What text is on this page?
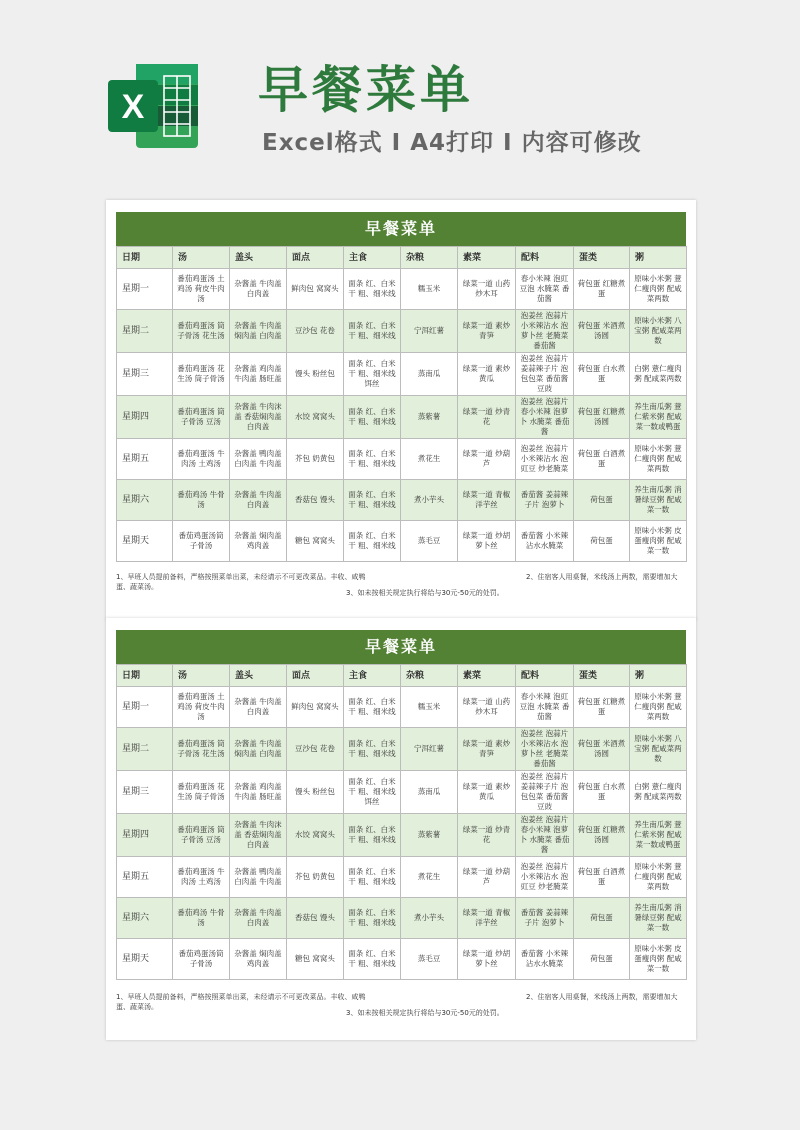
X 早餐菜单
Excel格式 I A4打印 I 内容可修改
早餐菜单
日期	汤	盖头	面点	主食	杂粮	素菜	配料	蛋类	粥
星期一	番茄鸡蛋汤 土鸡汤 荷皮牛肉汤	杂酱盖 牛肉盖 白肉盖	鲜肉包 窝窝头	面条 红、白米干 粗、细米线	糯玉米	绿菜一道 山药炒木耳	春小米辣 泡豇豆泡 水腌菜 番茄酱	荷包蛋 红糖煮蛋	原味小米粥 薏仁瘦肉粥 配咸菜两数
星期二	番茄鸡蛋汤 筒子骨汤 花生汤	杂酱盖 牛肉盖 焖肉盖 白肉盖	豆沙包 花卷	面条 红、白米干 粗、细米线	宁洱红薯	绿菜一道 素炒青笋	泡姜丝 泡蒜片 小米辣沾水 泡萝卜丝 老腌菜 番茄酱	荷包蛋 米酒煮汤圆	原味小米粥 八宝粥 配咸菜两数
星期三	番茄鸡蛋汤 花生汤 筒子骨汤	杂酱盖 鸡肉盖 牛肉盖 肠旺盖	馒头 粉丝包	面条 红、白米干 粗、细米线 饵丝	蒸南瓜	绿菜一道 素炒黄瓜	泡姜丝 泡蒜片 姜蒜辣子片 泡包包菜 番茄酱 豆豉	荷包蛋 白水煮蛋	白粥 薏仁瘦肉粥 配咸菜两数
星期四	番茄鸡蛋汤 筒子骨汤 豆汤	杂酱盖 牛肉沫盖 香菇焖肉盖 白肉盖	水饺 窝窝头	面条 红、白米干 粗、细米线	蒸紫薯	绿菜一道 炒青花	泡姜丝 泡蒜片 春小米辣 泡萝卜 水腌菜 番茄酱	荷包蛋 红糖煮汤圆	养生南瓜粥 薏仁紫米粥 配咸菜一数或鸭蛋
星期五	番茄鸡蛋汤 牛肉汤 土鸡汤	杂酱盖 鸭肉盖 白肉盖 牛肉盖	芥包 奶黄包	面条 红、白米干 粗、细米线	煮花生	绿菜一道 炒葫芦	泡姜丝 泡蒜片 小米辣沾水 泡豇豆 炒老腌菜	荷包蛋 白酒煮蛋	原味小米粥 薏仁瘦肉粥 配咸菜两数
星期六	番茄鸡汤 牛骨汤	杂酱盖 牛肉盖 白肉盖	香菇包 馒头	面条 红、白米干 粗、细米线	煮小芋头	绿菜一道 青椒洋芋丝	番茄酱 姜蒜辣子片 泡萝卜	荷包蛋	养生南瓜粥 消暑绿豆粥 配咸菜一数
星期天	番茄鸡蛋汤筒子骨汤	杂酱盖 焖肉盖 鸡肉盖	糖包 窝窝头	面条 红、白米干 粗、细米线	蒸毛豆	绿菜一道 炒胡萝卜丝	番茄酱 小米辣沾水水腌菜	荷包蛋	原味小米粥 皮蛋瘦肉粥 配咸菜一数
1、早班人员提前备料，严格按照菜单出菜，未经请示不可更改菜品。丰收、咸鸭蛋、蔬菜汤。
3、如未按相关规定执行将给与30元-50元的处罚。
2、住宿客人用桌餐，米线汤上两数，需要增加大
早餐菜单
日期	汤	盖头	面点	主食	杂粮	素菜	配料	蛋类	粥
星期一	番茄鸡蛋汤 土鸡汤 荷皮牛肉汤	杂酱盖 牛肉盖 白肉盖	鲜肉包 窝窝头	面条 红、白米干 粗、细米线	糯玉米	绿菜一道 山药炒木耳	春小米辣 泡豇豆泡 水腌菜 番茄酱	荷包蛋 红糖煮蛋	原味小米粥 薏仁瘦肉粥 配咸菜两数
星期二	番茄鸡蛋汤 筒子骨汤 花生汤	杂酱盖 牛肉盖 焖肉盖 白肉盖	豆沙包 花卷	面条 红、白米干 粗、细米线	宁洱红薯	绿菜一道 素炒青笋	泡姜丝 泡蒜片 小米辣沾水 泡萝卜丝 老腌菜 番茄酱	荷包蛋 米酒煮汤圆	原味小米粥 八宝粥 配咸菜两数
星期三	番茄鸡蛋汤 花生汤 筒子骨汤	杂酱盖 鸡肉盖 牛肉盖 肠旺盖	馒头 粉丝包	面条 红、白米干 粗、细米线 饵丝	蒸南瓜	绿菜一道 素炒黄瓜	泡姜丝 泡蒜片 姜蒜辣子片 泡包包菜 番茄酱 豆豉	荷包蛋 白水煮蛋	白粥 薏仁瘦肉粥 配咸菜两数
星期四	番茄鸡蛋汤 筒子骨汤 豆汤	杂酱盖 牛肉沫盖 香菇焖肉盖 白肉盖	水饺 窝窝头	面条 红、白米干 粗、细米线	蒸紫薯	绿菜一道 炒青花	泡姜丝 泡蒜片 春小米辣 泡萝卜 水腌菜 番茄酱	荷包蛋 红糖煮汤圆	养生南瓜粥 薏仁紫米粥 配咸菜一数或鸭蛋
星期五	番茄鸡蛋汤 牛肉汤 土鸡汤	杂酱盖 鸭肉盖 白肉盖 牛肉盖	芥包 奶黄包	面条 红、白米干 粗、细米线	煮花生	绿菜一道 炒葫芦	泡姜丝 泡蒜片 小米辣沾水 泡豇豆 炒老腌菜	荷包蛋 白酒煮蛋	原味小米粥 薏仁瘦肉粥 配咸菜两数
星期六	番茄鸡汤 牛骨汤	杂酱盖 牛肉盖 白肉盖	香菇包 馒头	面条 红、白米干 粗、细米线	煮小芋头	绿菜一道 青椒洋芋丝	番茄酱 姜蒜辣子片 泡萝卜	荷包蛋	养生南瓜粥 消暑绿豆粥 配咸菜一数
星期天	番茄鸡蛋汤筒子骨汤	杂酱盖 焖肉盖 鸡肉盖	糖包 窝窝头	面条 红、白米干 粗、细米线	蒸毛豆	绿菜一道 炒胡萝卜丝	番茄酱 小米辣沾水水腌菜	荷包蛋	原味小米粥 皮蛋瘦肉粥 配咸菜一数
1、早班人员提前备料，严格按照菜单出菜，未经请示不可更改菜品。丰收、咸鸭蛋、蔬菜汤。
3、如未按相关规定执行将给与30元-50元的处罚。
2、住宿客人用桌餐，米线汤上两数，需要增加大
